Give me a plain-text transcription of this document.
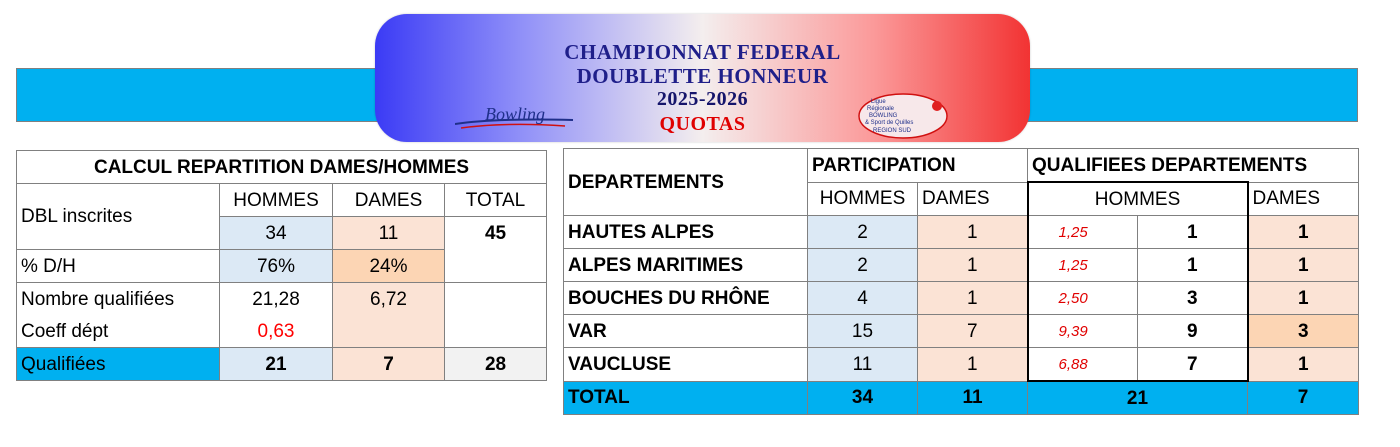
CHAMPIONNAT FEDERAL
DOUBLETTE HONNEUR
2025-2026
QUOTAS
Bowling
Ligue
Régionale
BOWLING
& Sport de Quilles
REGION SUD
CALCUL REPARTITION DAMES/HOMMES			
DBL inscrites	HOMMES	DAMES	TOTAL
	34	11	45
% D/H	76%	24%	
Nombre qualifiées	21,28	6,72	
Coeff dépt	0,63		
Qualifiées	21	7	28
DEPARTEMENTS	PARTICIPATION		QUALIFIEES DEPARTEMENTS		
	HOMMES	DAMES	HOMMES		DAMES
HAUTES ALPES	2	1	1,25	1	1
ALPES MARITIMES	2	1	1,25	1	1
BOUCHES DU RHÔNE	4	1	2,50	3	1
VAR	15	7	9,39	9	3
VAUCLUSE	11	1	6,88	7	1
TOTAL	34	11	21		7
